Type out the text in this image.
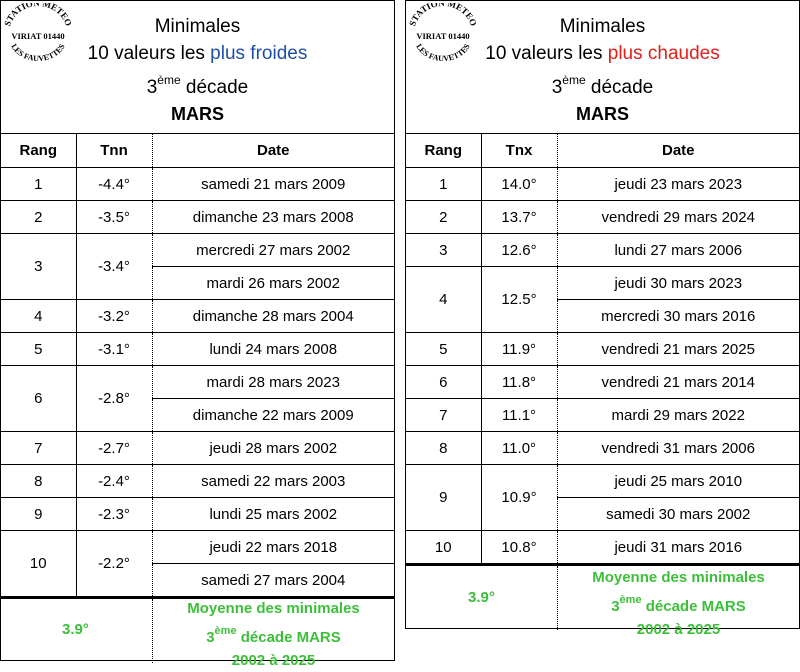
STATION METEO
VIRIAT 01440
LES FAUVETTES
Minimales
10 valeurs les plus froides
3ème décade
MARS
Rang	Tnn	Date
1	-4.4°	samedi 21 mars 2009
2	-3.5°	dimanche 23 mars 2008
3	-3.4°	mercredi 27 mars 2002
		mardi 26 mars 2002
4	-3.2°	dimanche 28 mars 2004
5	-3.1°	lundi 24 mars 2008
6	-2.8°	mardi 28 mars 2023
		dimanche 22 mars 2009
7	-2.7°	jeudi 28 mars 2002
8	-2.4°	samedi 22 mars 2003
9	-2.3°	lundi 25 mars 2002
10	-2.2°	jeudi 22 mars 2018
		samedi 27 mars 2004
3.9°
Moyenne des minimales
3ème décade MARS
2002 à 2025
STATION METEO
VIRIAT 01440
LES FAUVETTES
Minimales
10 valeurs les plus chaudes
3ème décade
MARS
Rang	Tnx	Date
1	14.0°	jeudi 23 mars 2023
2	13.7°	vendredi 29 mars 2024
3	12.6°	lundi 27 mars 2006
4	12.5°	jeudi 30 mars 2023
		mercredi 30 mars 2016
5	11.9°	vendredi 21 mars 2025
6	11.8°	vendredi 21 mars 2014
7	11.1°	mardi 29 mars 2022
8	11.0°	vendredi 31 mars 2006
9	10.9°	jeudi 25 mars 2010
		samedi 30 mars 2002
10	10.8°	jeudi 31 mars 2016
3.9°
Moyenne des minimales
3ème décade MARS
2002 à 2025
